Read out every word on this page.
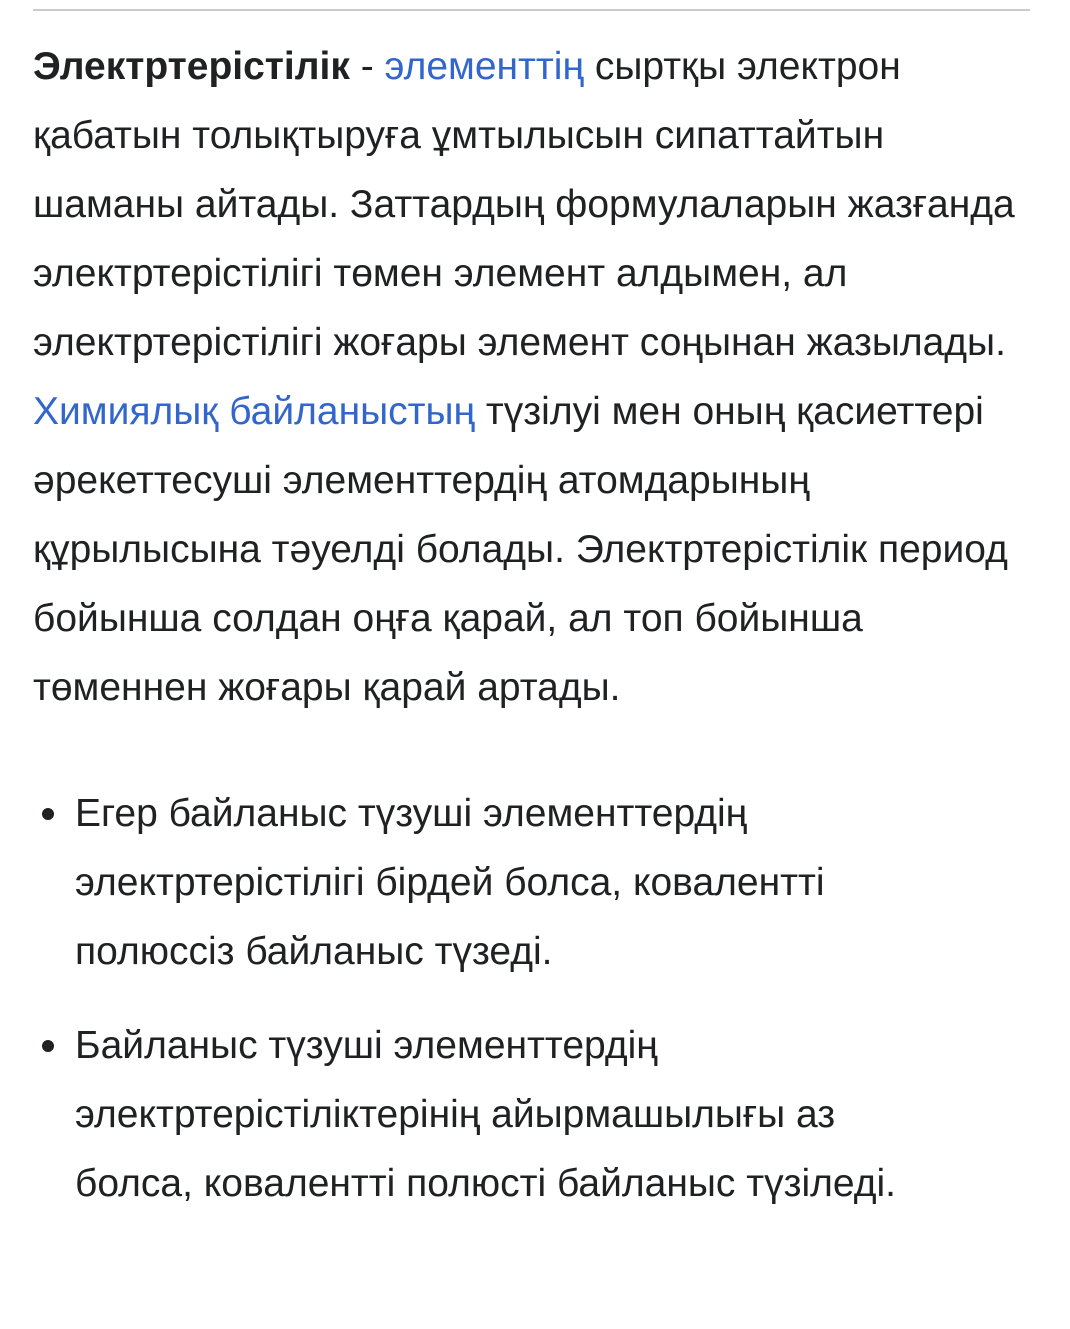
Электртерістілік - элементтің сыртқы электрон қабатын толықтыруға ұмтылысын сипаттайтын шаманы айтады. Заттардың формулаларын жазғанда электртерістілігі төмен элемент алдымен, ал электртерістілігі жоғары элемент соңынан жазылады. Химиялық байланыстың түзілуі мен оның қасиеттері әрекеттесуші элементтердің атомдарының құрылысына тәуелді болады. Электртерістілік период бойынша солдан оңға қарай, ал топ бойынша төменнен жоғары қарай артады.

Егер байланыс түзуші элементтердің электртерістілігі бірдей болса, ковалентті полюссіз байланыс түзеді.
Байланыс түзуші элементтердің электртерістіліктерінің айырмашылығы аз болса, ковалентті полюсті байланыс түзіледі.
